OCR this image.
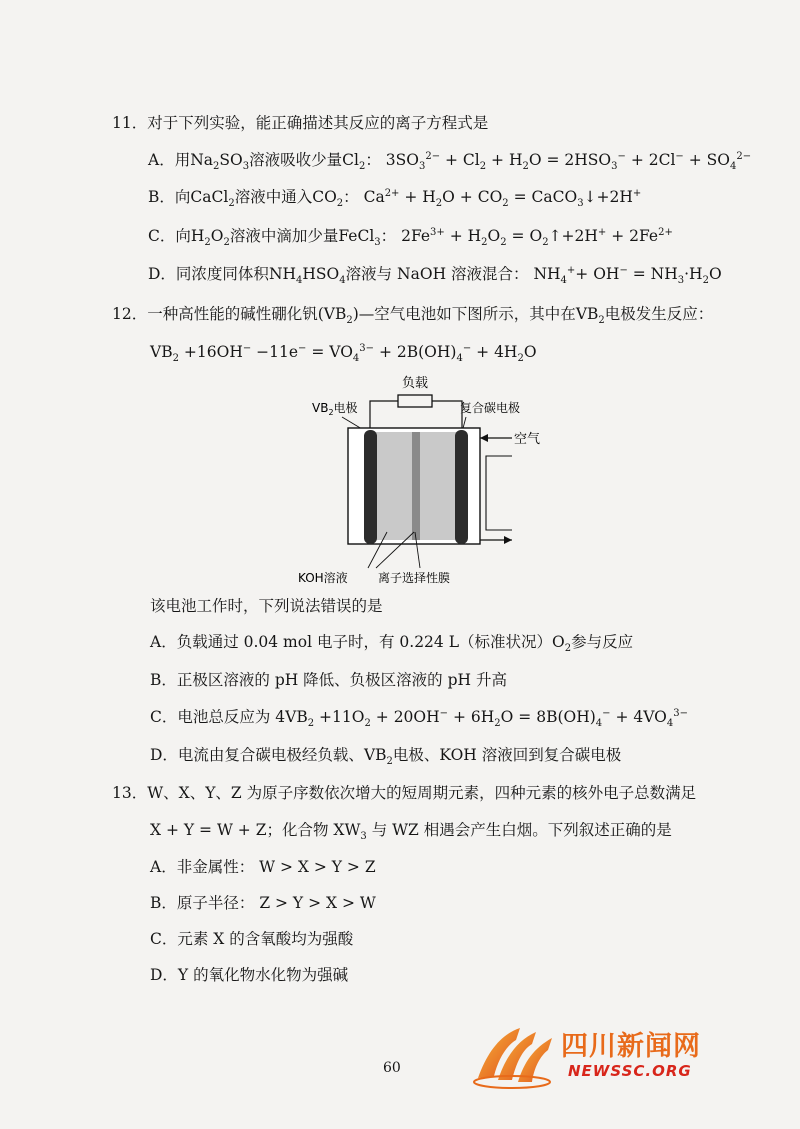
11．对于下列实验，能正确描述其反应的离子方程式是
A．用$Na_2SO_3$溶液吸收少量$Cl_2$： $3SO_3^{2-} + Cl_2 + H_2O = 2HSO_3^- + 2Cl^- + SO_4^{2-}$
B．向CaCl$_2$溶液中通入$CO_2$： $Ca^{2+} + H_2O + CO_2$ = CaCO$_3$↓+2H+
C．向$H_2O_2$溶液中滴加少量FeCl$_3$： $2Fe^{3+} + H_2O_2$ = $O_2↑+2H^+ + 2Fe^{2+}$
D．同浓度同体积$NH_4HSO_4$溶液与 NaOH 溶液混合： $NH_4^++ OH^- = NH_3\cdot H_2O$
12．一种高性能的碱性硼化钒$(VB_2)—$空气电池如下图所示，其中在$VB_2$电极发生反应：
$VB_2 +16OH^- -11e^- = VO_4^{3-} + 2B(OH)_4^- + 4H_2O$
负载
$VB_2$电极	复合碳电极
空气
KOH溶液	离子选择性膜
该电池工作时，下列说法错误的是
A．负载通过 0.04 mol 电子时，有 0.224 L（标准状况）$O_2$参与反应
B．正极区溶液的 pH 降低、负极区溶液的 pH 升高
C．电池总反应为 $4VB_2 +11O_2 + 20OH^- + 6H_2O = 8B(OH)_4^- + 4VO_4^{3-}$
D．电流由复合碳电极经负载、$VB_2$电极、KOH 溶液回到复合碳电极
13．W、X、Y、Z 为原子序数依次增大的短周期元素，四种元素的核外电子总数满足
X + Y = W + Z；化合物 $XW_3$ 与 WZ 相遇会产生白烟。下列叙述正确的是
A．非金属性： W > X > Y > Z
B．原子半径： Z > Y > X > W
C．元素 X 的含氧酸均为强酸
D．Y 的氧化物水化物为强碱
60
四川新闻网
NEWSSC.ORG
